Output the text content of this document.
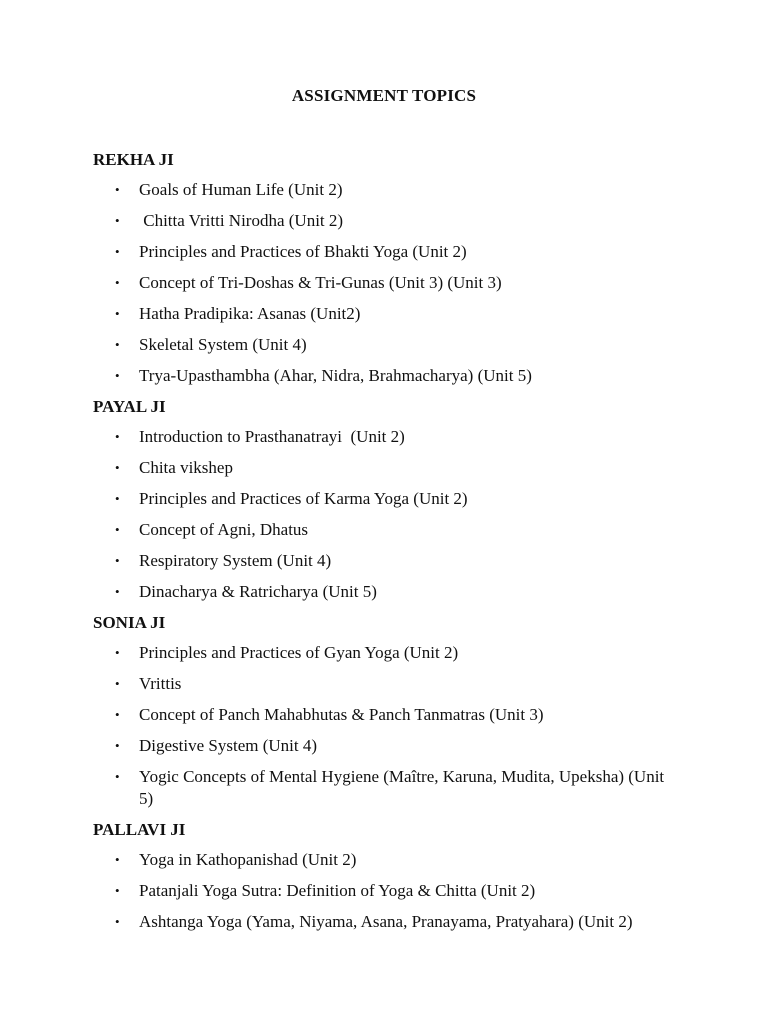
ASSIGNMENT TOPICS
REKHA JI
• Goals of Human Life (Unit 2)
• Chitta Vritti Nirodha (Unit 2)
• Principles and Practices of Bhakti Yoga (Unit 2)
• Concept of Tri-Doshas & Tri-Gunas (Unit 3) (Unit 3)
• Hatha Pradipika: Asanas (Unit2)
• Skeletal System (Unit 4)
• Trya-Upasthambha (Ahar, Nidra, Brahmacharya) (Unit 5)
PAYAL JI
• Introduction to Prasthanatrayi  (Unit 2)
• Chita vikshep
• Principles and Practices of Karma Yoga (Unit 2)
• Concept of Agni, Dhatus
• Respiratory System (Unit 4)
• Dinacharya & Ratricharya (Unit 5)
SONIA JI
• Principles and Practices of Gyan Yoga (Unit 2)
• Vrittis
• Concept of Panch Mahabhutas & Panch Tanmatras (Unit 3)
• Digestive System (Unit 4)
• Yogic Concepts of Mental Hygiene (Maître, Karuna, Mudita, Upeksha) (Unit 5)
PALLAVI JI
• Yoga in Kathopanishad (Unit 2)
• Patanjali Yoga Sutra: Definition of Yoga & Chitta (Unit 2)
• Ashtanga Yoga (Yama, Niyama, Asana, Pranayama, Pratyahara) (Unit 2)
